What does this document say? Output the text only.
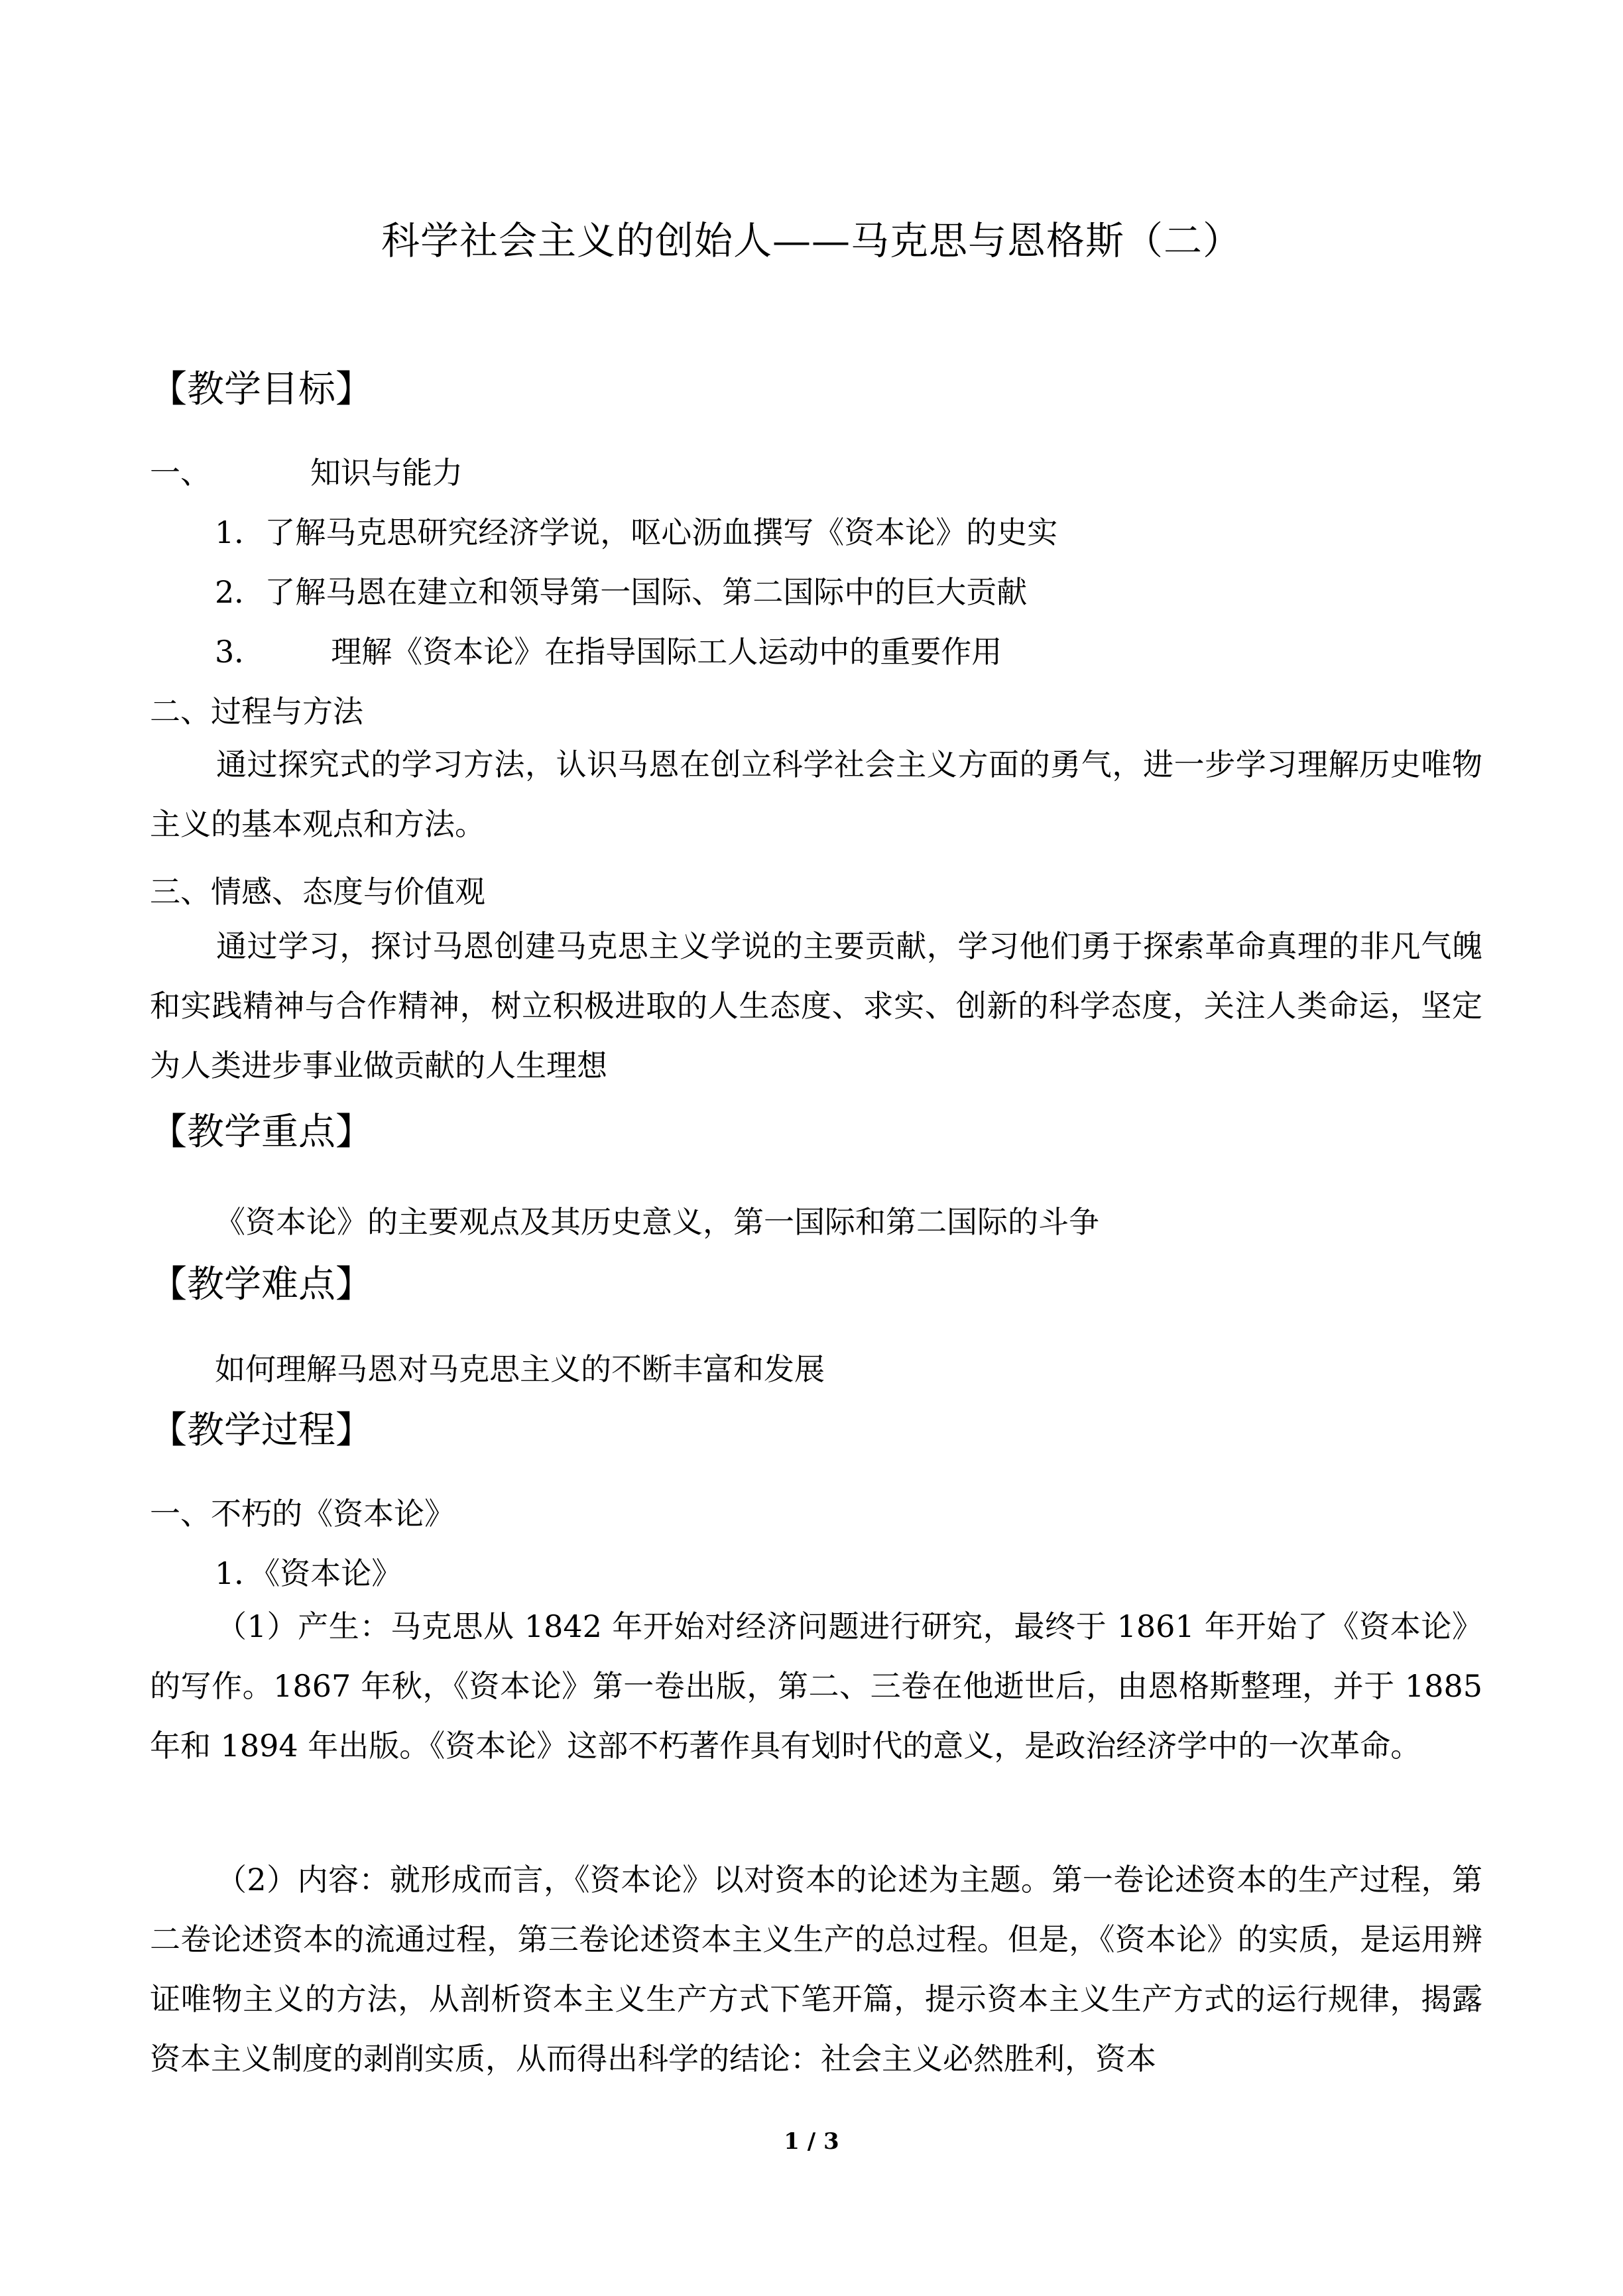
科学社会主义的创始人——马克思与恩格斯（二）
【教学目标】
一、	知识与能力
1．了解马克思研究经济学说，呕心沥血撰写《资本论》的史实
2．了解马恩在建立和领导第一国际、第二国际中的巨大贡献
3． 理解《资本论》在指导国际工人运动中的重要作用
二、过程与方法
通过探究式的学习方法，认识马恩在创立科学社会主义方面的勇气，进一步学习理解历史唯物主义的基本观点和方法。
三、情感、态度与价值观
通过学习，探讨马恩创建马克思主义学说的主要贡献，学习他们勇于探索革命真理的非凡气魄和实践精神与合作精神，树立积极进取的人生态度、求实、创新的科学态度，关注人类命运，坚定为人类进步事业做贡献的人生理想
【教学重点】
《资本论》的主要观点及其历史意义，第一国际和第二国际的斗争
【教学难点】
如何理解马恩对马克思主义的不断丰富和发展
【教学过程】
一、不朽的《资本论》
1．《资本论》
（1）产生：马克思从 1842 年开始对经济问题进行研究，最终于 1861 年开始了《资本论》的写作。1867 年秋，《资本论》第一卷出版，第二、三卷在他逝世后，由恩格斯整理，并于 1885 年和 1894 年出版。《资本论》这部不朽著作具有划时代的意义，是政治经济学中的一次革命。
（2）内容：就形成而言，《资本论》以对资本的论述为主题。第一卷论述资本的生产过程，第二卷论述资本的流通过程，第三卷论述资本主义生产的总过程。但是，《资本论》的实质，是运用辨证唯物主义的方法，从剖析资本主义生产方式下笔开篇，提示资本主义生产方式的运行规律，揭露资本主义制度的剥削实质，从而得出科学的结论：社会主义必然胜利，资本
1 / 3
